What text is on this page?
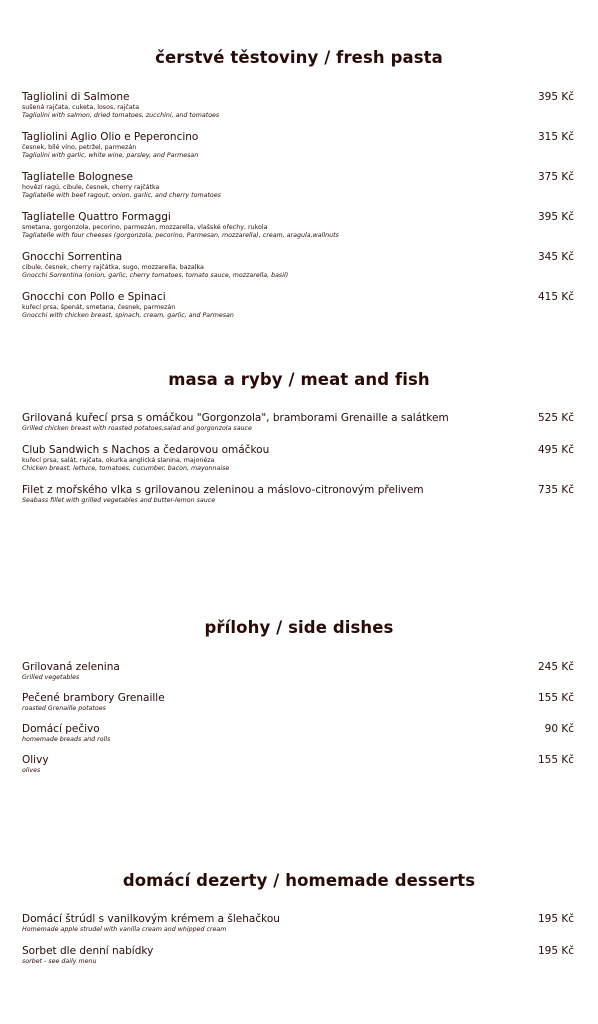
čerstvé těstoviny / fresh pasta
Tagliolini di Salmone
sušená rajčata, cuketa, losos, rajčata
Tagliolini with salmon, dried tomatoes, zucchini, and tomatoes
395 Kč
Tagliolini Aglio Olio e Peperoncino
česnek, bílé víno, petržel, parmezán
Tagliolini with garlic, white wine, parsley, and Parmesan
315 Kč
Tagliatelle Bolognese
hovězí ragú, cibule, česnek, cherry rajčátka
Tagliatelle with beef ragout, onion, garlic, and cherry tomatoes
375 Kč
Tagliatelle Quattro Formaggi
smetana, gorgonzola, pecorino, parmezán, mozzarella, vlašské ořechy, rukola
Tagliatelle with four cheeses (gorgonzola, pecorino, Parmesan, mozzarella), cream, aragula,wallnuts
395 Kč
Gnocchi Sorrentina
cibule, česnek, cherry rajčátka, sugo, mozzarella, bazalka
Gnocchi Sorrentina (onion, garlic, cherry tomatoes, tomato sauce, mozzarella, basil)
345 Kč
Gnocchi con Pollo e Spinaci
kuřecí prsa, špenát, smetana, česnek, parmezán
Gnocchi with chicken breast, spinach, cream, garlic, and Parmesan
415 Kč
masa a ryby / meat and fish
Grilovaná kuřecí prsa s omáčkou "Gorgonzola", bramborami Grenaille a salátkem
Grilled chicken breast with roasted potatoes,salad and gorgonzola sauce
525 Kč
Club Sandwich s Nachos a čedarovou omáčkou
kuřecí prsa, salát, rajčata, okurka anglická slanina, majonéza
Chicken breast, lettuce, tomatoes, cucumber, bacon, mayonnaise
495 Kč
Filet z mořského vlka s grilovanou zeleninou a máslovo-citronovým přelivem
Seabass fillet with grilled vegetables and butter-lemon sauce
735 Kč
přílohy / side dishes
Grilovaná zelenina
Grilled vegetables
245 Kč
Pečené brambory Grenaille
roasted Grenaille potatoes
155 Kč
Domácí pečivo
homemade breads and rolls
90 Kč
Olivy
olives
155 Kč
domácí dezerty / homemade desserts
Domácí štrúdl s vanilkovým krémem a šlehačkou
Homemade apple strudel with vanilla cream and whipped cream
195 Kč
Sorbet dle denní nabídky
sorbet - see daily menu
195 Kč
